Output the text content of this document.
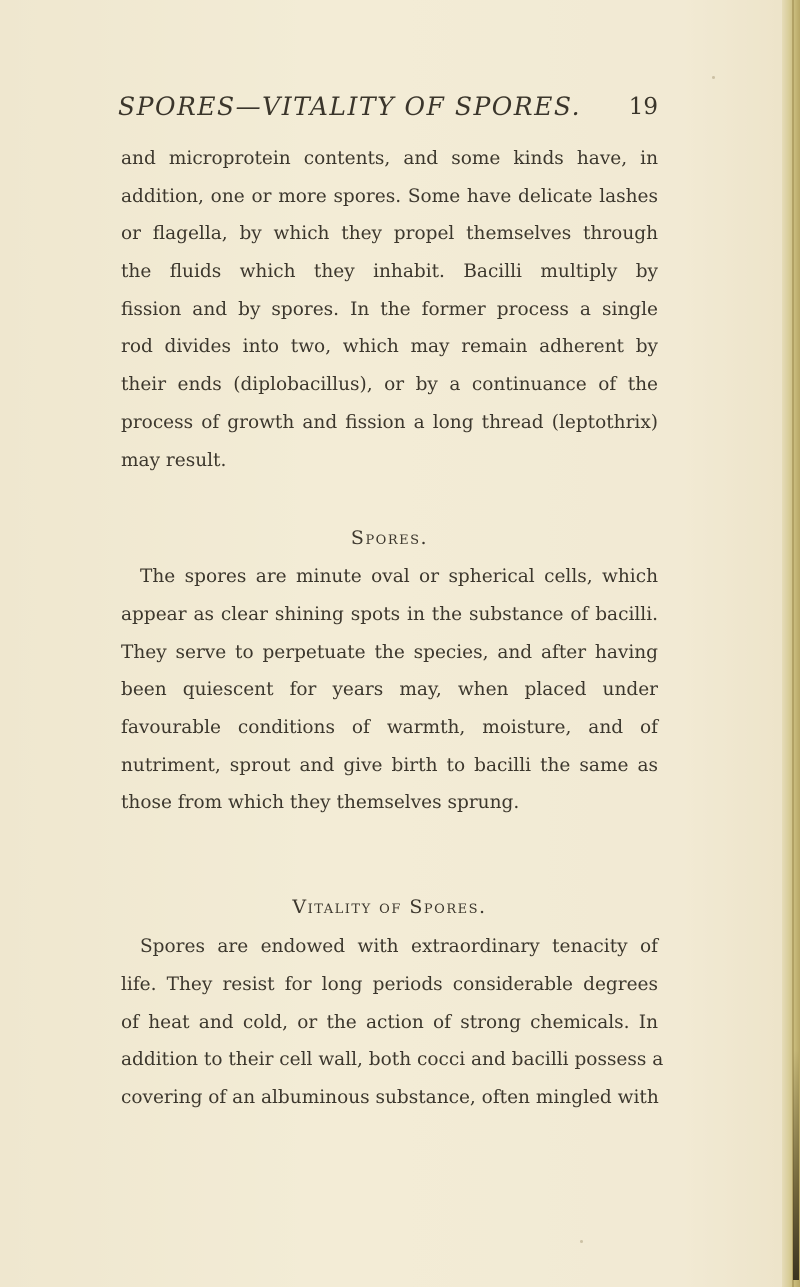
SPORES—VITALITY OF SPORES. 19
and microprotein contents, and some kinds have, in
addition, one or more spores. Some have delicate lashes
or flagella, by which they propel themselves through
the fluids which they inhabit. Bacilli multiply by
fission and by spores. In the former process a single
rod divides into two, which may remain adherent by
their ends (diplobacillus), or by a continuance of the
process of growth and fission a long thread (leptothrix)
may result.
Spores.
The spores are minute oval or spherical cells, which
appear as clear shining spots in the substance of bacilli.
They serve to perpetuate the species, and after having
been quiescent for years may, when placed under
favourable conditions of warmth, moisture, and of
nutriment, sprout and give birth to bacilli the same as
those from which they themselves sprung.
Vitality of Spores.
Spores are endowed with extraordinary tenacity of
life. They resist for long periods considerable degrees
of heat and cold, or the action of strong chemicals. In
addition to their cell wall, both cocci and bacilli possess a
covering of an albuminous substance, often mingled with
